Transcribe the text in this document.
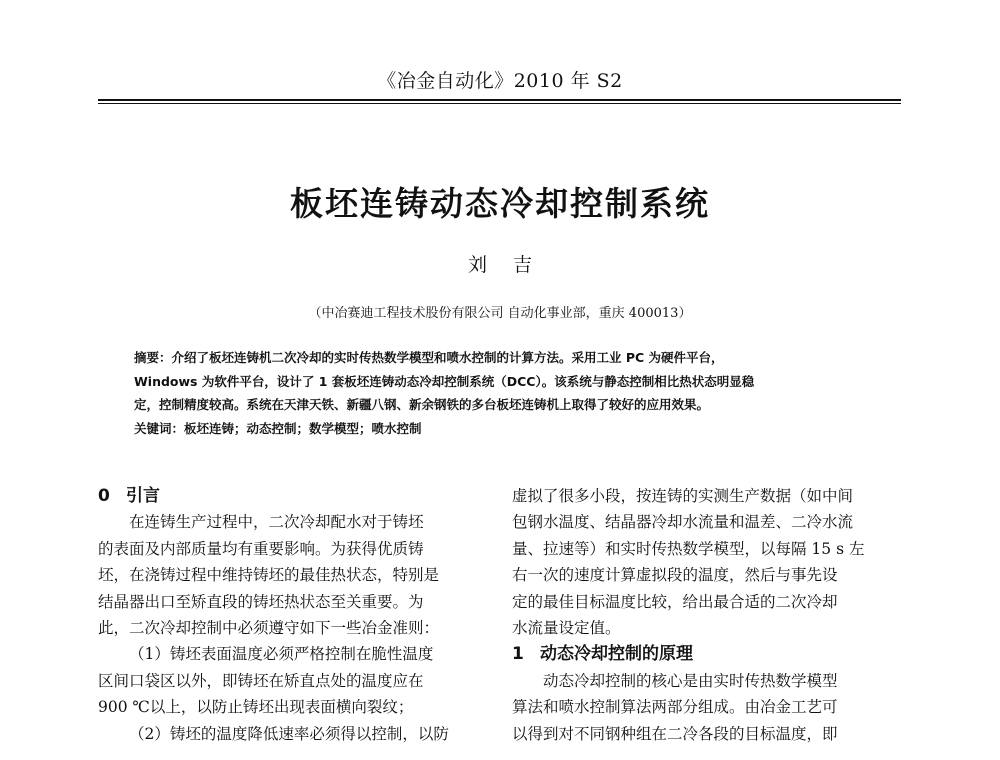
《冶金自动化》2010 年 S2
板坯连铸动态冷却控制系统
刘吉
（中冶赛迪工程技术股份有限公司 自动化事业部，重庆 400013）
摘要：介绍了板坯连铸机二次冷却的实时传热数学模型和喷水控制的计算方法。采用工业 PC 为硬件平台，
Windows 为软件平台，设计了 1 套板坯连铸动态冷却控制系统（DCC）。该系统与静态控制相比热状态明显稳
定，控制精度较高。系统在天津天铁、新疆八钢、新余钢铁的多台板坯连铸机上取得了较好的应用效果。
关键词：板坯连铸；动态控制；数学模型；喷水控制
0 引言
在连铸生产过程中，二次冷却配水对于铸坯
的表面及内部质量均有重要影响。为获得优质铸
坯，在浇铸过程中维持铸坯的最佳热状态，特别是
结晶器出口至矫直段的铸坯热状态至关重要。为
此，二次冷却控制中必须遵守如下一些冶金准则：
（1）铸坯表面温度必须严格控制在脆性温度
区间口袋区以外，即铸坯在矫直点处的温度应在
900 ℃以上，以防止铸坯出现表面横向裂纹；
（2）铸坯的温度降低速率必须得以控制，以防
虚拟了很多小段，按连铸的实测生产数据（如中间
包钢水温度、结晶器冷却水流量和温差、二冷水流
量、拉速等）和实时传热数学模型，以每隔 15 s 左
右一次的速度计算虚拟段的温度，然后与事先设
定的最佳目标温度比较，给出最合适的二次冷却
水流量设定值。
1 动态冷却控制的原理
动态冷却控制的核心是由实时传热数学模型
算法和喷水控制算法两部分组成。由冶金工艺可
以得到对不同钢种组在二冷各段的目标温度，即
